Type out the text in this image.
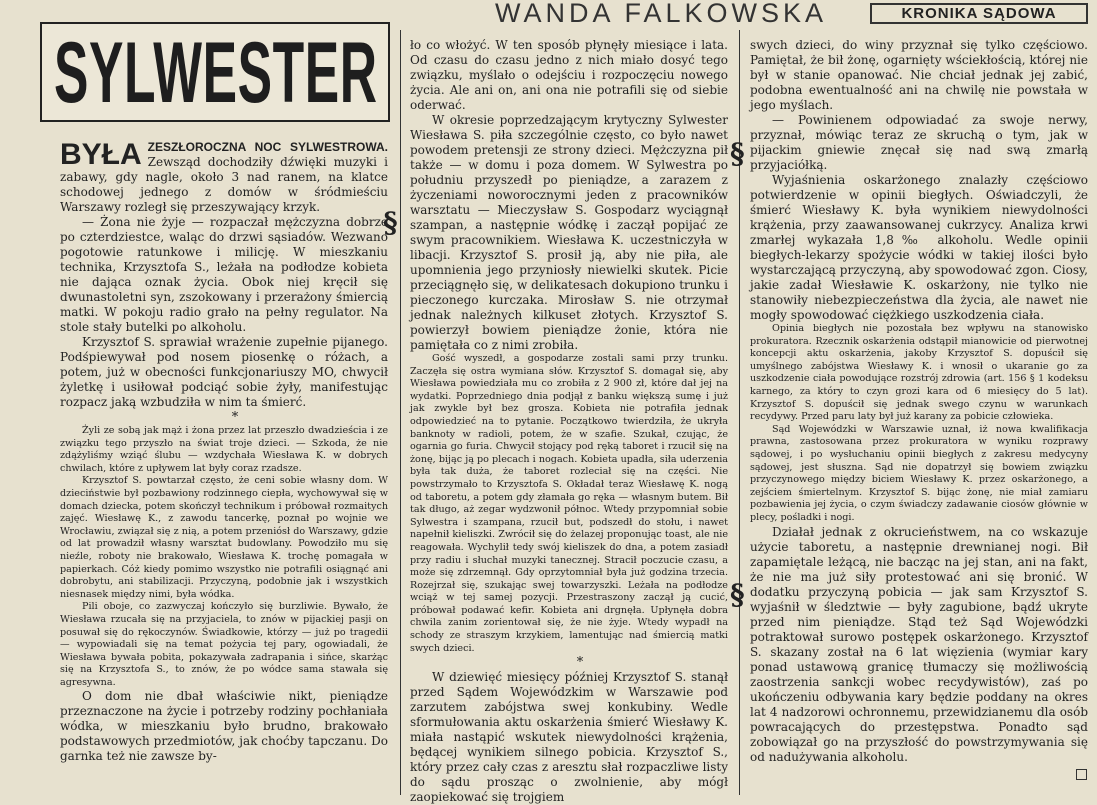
WANDA FALKOWSKA	KRONIKA SĄDOWA
SYLWESTER
§
§
§

BYŁA ZESZŁOROCZNA NOC SYLWESTROWA. Zewsząd dochodziły dźwięki muzyki i zabawy, gdy nagle, około 3 nad ranem, na klatce schodowej jednego z domów w śródmieściu Warszawy rozległ się przeszywający krzyk.

— Żona nie żyje — rozpaczał mężczyzna dobrze po czterdziestce, waląc do drzwi sąsiadów. Wezwano pogotowie ratunkowe i milicję. W mieszkaniu technika, Krzysztofa S., leżała na podłodze kobieta nie dająca oznak życia. Obok niej kręcił się dwunastoletni syn, zszokowany i przerażony śmiercią matki. W pokoju radio grało na pełny regulator. Na stole stały butelki po alkoholu.

Krzysztof S. sprawiał wrażenie zupełnie pijanego. Podśpiewywał pod nosem piosenkę o różach, a potem, już w obecności funkcjonariuszy MO, chwycił żyletkę i usiłował podciąć sobie żyły, manifestując rozpacz jaką wzbudziła w nim ta śmierć.

*

Żyli ze sobą jak mąż i żona przez lat przeszło dwadzieścia i ze związku tego przyszło na świat troje dzieci. — Szkoda, że nie zdążyliśmy wziąć ślubu — wzdychała Wiesława K. w dobrych chwilach, które z upływem lat były coraz rzadsze.

Krzysztof S. powtarzał często, że ceni sobie własny dom. W dzieciństwie był pozbawiony rodzinnego ciepła, wychowywał się w domach dziecka, potem skończył technikum i próbował rozmaitych zajęć. Wiesławę K., z zawodu tancerkę, poznał po wojnie we Wrocławiu, związał się z nią, a potem przeniósł do Warszawy, gdzie od lat prowadził własny warsztat budowlany. Powodziło mu się nieźle, roboty nie brakowało, Wiesława K. trochę pomagała w papierkach. Cóż kiedy pomimo wszystko nie potrafili osiągnąć ani dobrobytu, ani stabilizacji. Przyczyną, podobnie jak i wszystkich niesnasek między nimi, była wódka.

Pili oboje, co zazwyczaj kończyło się burzliwie. Bywało, że Wiesława rzucała się na przyjaciela, to znów w pijackiej pasji on posuwał się do rękoczynów. Świadkowie, którzy — już po tragedii — wypowiadali się na temat pożycia tej pary, ogowiadali, że Wiesława bywała pobita, pokazywała zadrapania i sińce, skarżąc się na Krzysztofa S., to znów, że po wódce sama stawała się agresywna.

O dom nie dbał właściwie nikt, pieniądze przeznaczone na życie i potrzeby rodziny pochłaniała wódka, w mieszkaniu było brudno, brakowało podstawowych przedmiotów, jak choćby tapczanu. Do garnka też nie zawsze by-

ło co włożyć. W ten sposób płynęły miesiące i lata. Od czasu do czasu jedno z nich miało dosyć tego związku, myślało o odejściu i rozpoczęciu nowego życia. Ale ani on, ani ona nie potrafili się od siebie oderwać.

W okresie poprzedzającym krytyczny Sylwester Wiesława S. piła szczególnie często, co było nawet powodem pretensji ze strony dzieci. Mężczyzna pił także — w domu i poza domem. W Sylwestra po południu przyszedł po pieniądze, a zarazem z życzeniami noworocznymi jeden z pracowników warsztatu — Mieczysław S. Gospodarz wyciągnął szampan, a następnie wódkę i zaczął popijać ze swym pracownikiem. Wiesława K. uczestniczyła w libacji. Krzysztof S. prosił ją, aby nie piła, ale upomnienia jego przyniosły niewielki skutek. Picie przeciągnęło się, w delikatesach dokupiono trunku i pieczonego kurczaka. Mirosław S. nie otrzymał jednak należnych kilkuset złotych. Krzysztof S. powierzył bowiem pieniądze żonie, która nie pamiętała co z nimi zrobiła.

Gość wyszedł, a gospodarze zostali sami przy trunku. Zaczęła się ostra wymiana słów. Krzysztof S. domagał się, aby Wiesława powiedziała mu co zrobiła z 2 900 zł, które dał jej na wydatki. Poprzedniego dnia podjął z banku większą sumę i już jak zwykle był bez grosza. Kobieta nie potrafiła jednak odpowiedzieć na to pytanie. Początkowo twierdziła, że ukryła banknoty w radioli, potem, że w szafie. Szukał, czując, że ogarnia go furia. Chwycił stojący pod ręką taboret i rzucił się na żonę, bijąc ją po plecach i nogach. Kobieta upadła, siła uderzenia była tak duża, że taboret rozleciał się na części. Nie powstrzymało to Krzysztofa S. Okładał teraz Wiesławę K. nogą od taboretu, a potem gdy złamała go ręka — własnym butem. Bił tak długo, aż zegar wydzwonił północ. Wtedy przypomniał sobie Sylwestra i szampana, rzucił but, podszedł do stołu, i nawet napełnił kieliszki. Zwrócił się do żelazej proponując toast, ale nie reagowała. Wychylił tedy swój kieliszek do dna, a potem zasiadł przy radiu i słuchał muzyki tanecznej. Stracił poczucie czasu, a może się zdrzemnął. Gdy oprzytomniał była już godzina trzecia. Rozejrzał się, szukając swej towarzyszki. Leżała na podłodze wciąż w tej samej pozycji. Przestraszony zaczął ją cucić, próbował podawać kefir. Kobieta ani drgnęła. Upłynęła dobra chwila zanim zorientował się, że nie żyje. Wtedy wypadł na schody ze straszym krzykiem, lamentując nad śmiercią matki swych dzieci.

*

W dziewięć miesięcy później Krzysztof S. stanął przed Sądem Wojewódzkim w Warszawie pod zarzutem zabójstwa swej konkubiny. Wedle sformułowania aktu oskarżenia śmierć Wiesławy K. miała nastąpić wskutek niewydolności krążenia, będącej wynikiem silnego pobicia. Krzysztof S., który przez cały czas z aresztu słał rozpaczliwe listy do sądu prosząc o zwolnienie, aby mógł zaopiekować się trojgiem

swych dzieci, do winy przyznał się tylko częściowo. Pamiętał, że bił żonę, ogarnięty wściekłością, której nie był w stanie opanować. Nie chciał jednak jej zabić, podobna ewentualność ani na chwilę nie powstała w jego myślach.

— Powinienem odpowiadać za swoje nerwy, przyznał, mówiąc teraz ze skruchą o tym, jak w pijackim gniewie znęcał się nad swą zmarłą przyjaciółką.

Wyjaśnienia oskarżonego znalazły częściowo potwierdzenie w opinii biegłych. Oświadczyli, że śmierć Wiesławy K. była wynikiem niewydolności krążenia, przy zaawansowanej cukrzycy. Analiza krwi zmarłej wykazała 1,8‰ alkoholu. Wedle opinii biegłych-lekarzy spożycie wódki w takiej ilości było wystarczającą przyczyną, aby spowodować zgon. Ciosy, jakie zadał Wiesławie K. oskarżony, nie tylko nie stanowiły niebezpieczeństwa dla życia, ale nawet nie mogły spowodować ciężkiego uszkodzenia ciała.

Opinia biegłych nie pozostała bez wpływu na stanowisko prokuratora. Rzecznik oskarżenia odstąpił mianowicie od pierwotnej koncepcji aktu oskarżenia, jakoby Krzysztof S. dopuścił się umyślnego zabójstwa Wiesławy K. i wnosił o ukaranie go za uszkodzenie ciała powodujące rozstrój zdrowia (art. 156 § 1 kodeksu karnego, za który to czyn grozi kara od 6 miesięcy do 5 lat). Krzysztof S. dopuścił się jednak swego czynu w warunkach recydywy. Przed paru laty był już karany za pobicie człowieka.

Sąd Wojewódzki w Warszawie uznał, iż nowa kwalifikacja prawna, zastosowana przez prokuratora w wyniku rozprawy sądowej, i po wysłuchaniu opinii biegłych z zakresu medycyny sądowej, jest słuszna. Sąd nie dopatrzył się bowiem związku przyczynowego między biciem Wiesławy K. przez oskarżonego, a zejściem śmiertelnym. Krzysztof S. bijąc żonę, nie miał zamiaru pozbawienia jej życia, o czym świadczy zadawanie ciosów głównie w plecy, pośladki i nogi.

Działał jednak z okrucieństwem, na co wskazuje użycie taboretu, a następnie drewnianej nogi. Bił zapamiętale leżącą, nie bacząc na jej stan, ani na fakt, że nie ma już siły protestować ani się bronić. W dodatku przyczyną pobicia — jak sam Krzysztof S. wyjaśnił w śledztwie — były zagubione, bądź ukryte przed nim pieniądze. Stąd też Sąd Wojewódzki potraktował surowo postępek oskarżonego. Krzysztof S. skazany został na 6 lat więzienia (wymiar kary ponad ustawową granicę tłumaczy się możliwością zaostrzenia sankcji wobec recydywistów), zaś po ukończeniu odbywania kary będzie poddany na okres lat 4 nadzorowi ochronnemu, przewidzianemu dla osób powracających do przestępstwa. Ponadto sąd zobowiązał go na przyszłość do powstrzymywania się od nadużywania alkoholu.
